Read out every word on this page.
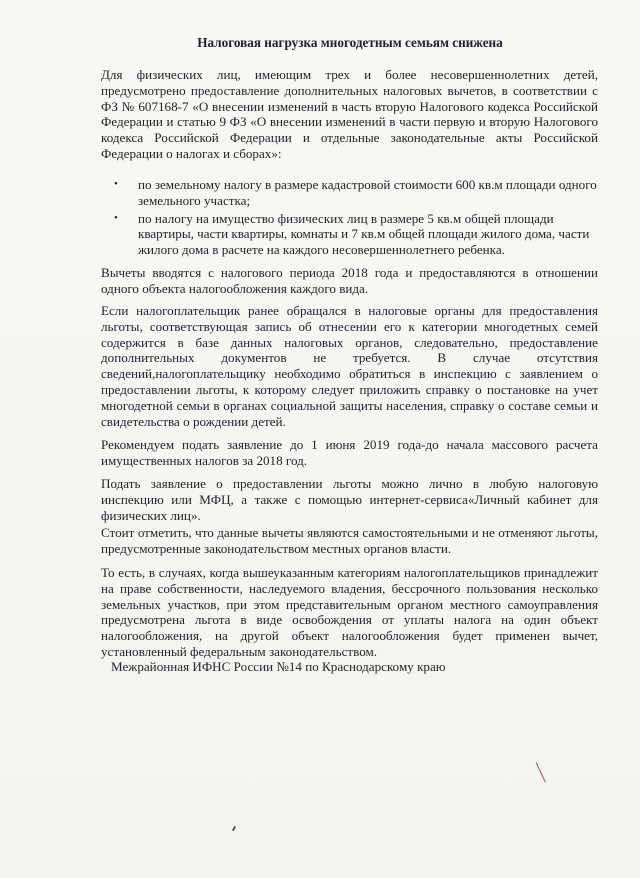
Налоговая нагрузка многодетным семьям снижена
Для физических лиц, имеющим трех и более несовершеннолетних детей, предусмотрено предоставление дополнительных налоговых вычетов, в соответствии с ФЗ № 607168-7 «О внесении изменений в часть вторую Налогового кодекса Российской Федерации и статью 9 ФЗ «О внесении изменений в части первую и вторую Налогового кодекса Российской Федерации и отдельные законодательные акты Российской Федерации о налогах и сборах»:
• по земельному налогу в размере кадастровой стоимости 600 кв.м площади одного земельного участка;
• по налогу на имущество физических лиц в размере 5 кв.м общей площади квартиры, части квартиры, комнаты и 7 кв.м общей площади жилого дома, части жилого дома в расчете на каждого несовершеннолетнего ребенка.
Вычеты вводятся с налогового периода 2018 года и предоставляются в отношении одного объекта налогообложения каждого вида.
Если налогоплательщик ранее обращался в налоговые органы для предоставления льготы, соответствующая запись об отнесении его к категории многодетных семей содержится в базе данных налоговых органов, следовательно, предоставление дополнительных документов не требуется. В случае отсутствия сведений,налогоплательщику необходимо обратиться в инспекцию с заявлением о предоставлении льготы, к которому следует приложить справку о постановке на учет многодетной семьи в органах социальной защиты населения, справку о составе семьи и свидетельства о рождении детей.
Рекомендуем подать заявление до 1 июня 2019 года-до начала массового расчета имущественных налогов за 2018 год.
Подать заявление о предоставлении льготы можно лично в любую налоговую инспекцию или МФЦ, а также с помощью интернет-сервиса«Личный кабинет для физических лиц».
Стоит отметить, что данные вычеты являются самостоятельными и не отменяют льготы, предусмотренные законодательством местных органов власти.
То есть, в случаях, когда вышеуказанным категориям налогоплательщиков принадлежит на праве собственности, наследуемого владения, бессрочного пользования несколько земельных участков, при этом представительным органом местного самоуправления предусмотрена льгота в виде освобождения от уплаты налога на один объект налогообложения, на другой объект налогообложения будет применен вычет, установленный федеральным законодательством.
Межрайонная ИФНС России №14 по Краснодарскому краю
